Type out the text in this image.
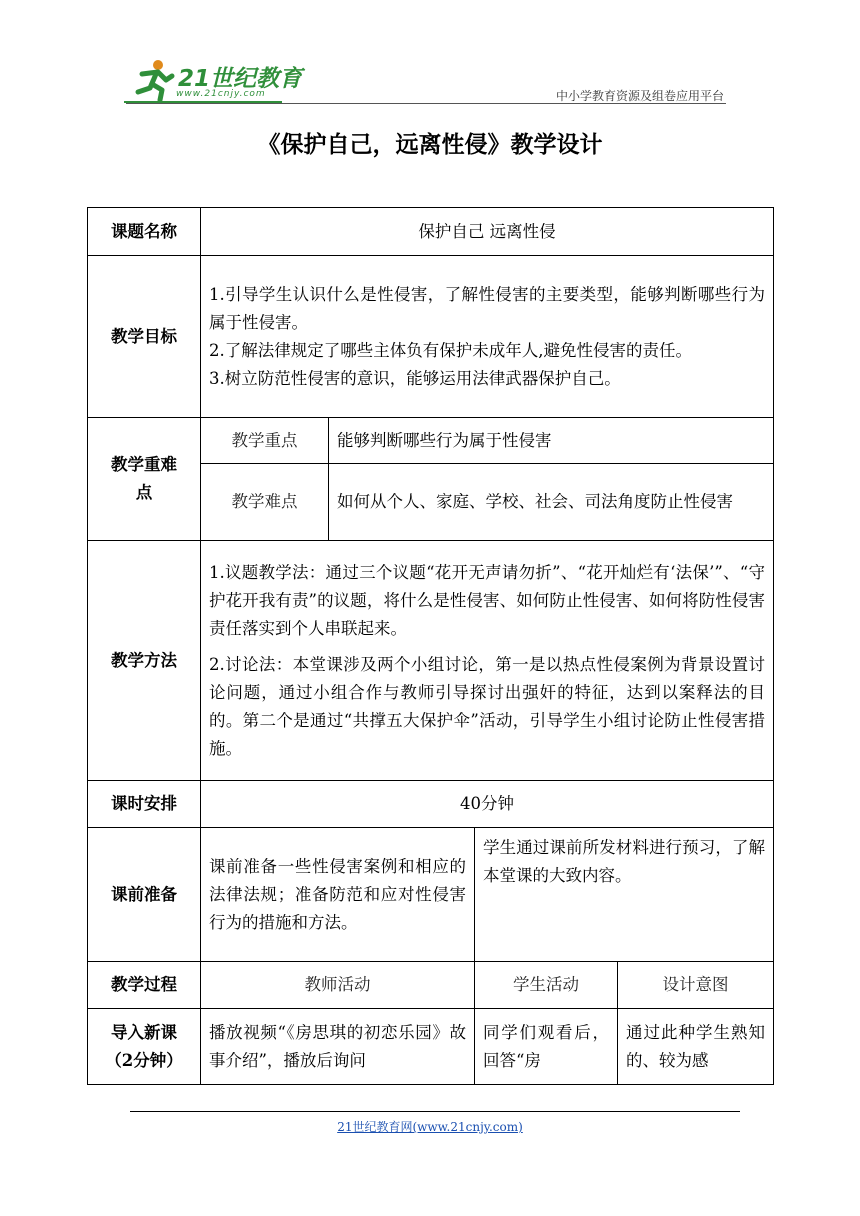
21世纪教育
www.21cnjy.com	中小学教育资源及组卷应用平台
《保护自己，远离性侵》教学设计
课题名称	保护自己 远离性侵			
教学目标	1.引导学生认识什么是性侵害，了解性侵害的主要类型，能够判断哪些行为属于性侵害。
2.了解法律规定了哪些主体负有保护未成年人,避免性侵害的责任。
3.树立防范性侵害的意识，能够运用法律武器保护自己。			

教学重难点	教学重点	能够判断哪些行为属于性侵害		
	教学难点	如何从个人、家庭、学校、社会、司法角度防止性侵害		
教学方法	1.议题教学法：通过三个议题“花开无声请勿折”、“花开灿烂有‘法保’”、“守护花开我有责”的议题，将什么是性侵害、如何防止性侵害、如何将防性侵害责任落实到个人串联起来。

2.讨论法：本堂课涉及两个小组讨论，第一是以热点性侵案例为背景设置讨论问题，通过小组合作与教师引导探讨出强奸的特征，达到以案释法的目的。第二个是通过“共撑五大保护伞”活动，引导学生小组讨论防止性侵害措施。			

课时安排	40分钟			
课前准备	课前准备一些性侵害案例和相应的法律法规；准备防范和应对性侵害行为的措施和方法。		学生通过课前所发材料进行预习，了解本堂课的大致内容。	
教学过程	教师活动		学生活动	设计意图
导入新课（2分钟）	播放视频“《房思琪的初恋乐园》故事介绍”，播放后询问		同学们观看后，回答“房	通过此种学生熟知的、较为感
21世纪教育网(www.21cnjy.com)
